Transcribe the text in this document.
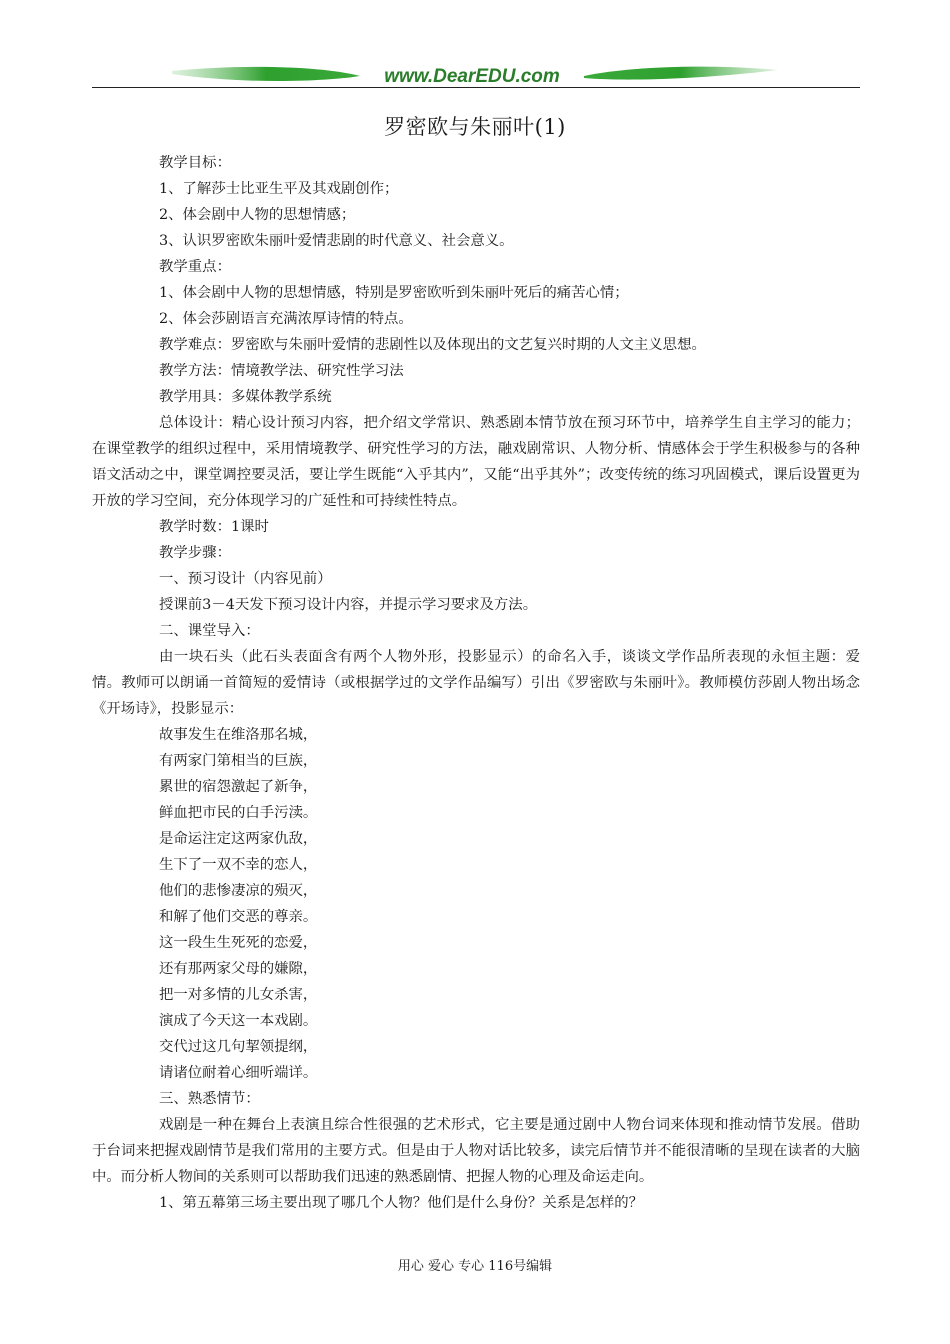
www.DearEDU.com
罗密欧与朱丽叶(1)

教学目标：

1、了解莎士比亚生平及其戏剧创作；

2、体会剧中人物的思想情感；

3、认识罗密欧朱丽叶爱情悲剧的时代意义、社会意义。

教学重点：

1、体会剧中人物的思想情感，特别是罗密欧听到朱丽叶死后的痛苦心情；

2、体会莎剧语言充满浓厚诗情的特点。

教学难点：罗密欧与朱丽叶爱情的悲剧性以及体现出的文艺复兴时期的人文主义思想。

教学方法：情境教学法、研究性学习法

教学用具：多媒体教学系统

总体设计：精心设计预习内容，把介绍文学常识、熟悉剧本情节放在预习环节中，培养学生自主学习的能力；在课堂教学的组织过程中，采用情境教学、研究性学习的方法，融戏剧常识、人物分析、情感体会于学生积极参与的各种语文活动之中，课堂调控要灵活，要让学生既能“入乎其内”，又能“出乎其外”；改变传统的练习巩固模式，课后设置更为开放的学习空间，充分体现学习的广延性和可持续性特点。

教学时数：1课时

教学步骤：

一、预习设计（内容见前）

授课前3－4天发下预习设计内容，并提示学习要求及方法。

二、课堂导入：

由一块石头（此石头表面含有两个人物外形，投影显示）的命名入手，谈谈文学作品所表现的永恒主题：爱情。教师可以朗诵一首简短的爱情诗（或根据学过的文学作品编写）引出《罗密欧与朱丽叶》。教师模仿莎剧人物出场念《开场诗》，投影显示：

故事发生在维洛那名城，

有两家门第相当的巨族，

累世的宿怨激起了新争，

鲜血把市民的白手污渎。

是命运注定这两家仇敌，

生下了一双不幸的恋人，

他们的悲惨凄凉的殒灭，

和解了他们交恶的尊亲。

这一段生生死死的恋爱，

还有那两家父母的嫌隙，

把一对多情的儿女杀害，

演成了今天这一本戏剧。

交代过这几句挈领提纲，

请诸位耐着心细听端详。

三、熟悉情节：

戏剧是一种在舞台上表演且综合性很强的艺术形式，它主要是通过剧中人物台词来体现和推动情节发展。借助于台词来把握戏剧情节是我们常用的主要方式。但是由于人物对话比较多，读完后情节并不能很清晰的呈现在读者的大脑中。而分析人物间的关系则可以帮助我们迅速的熟悉剧情、把握人物的心理及命运走向。

1、第五幕第三场主要出现了哪几个人物？他们是什么身份？关系是怎样的？

用心 爱心 专心 116号编辑
